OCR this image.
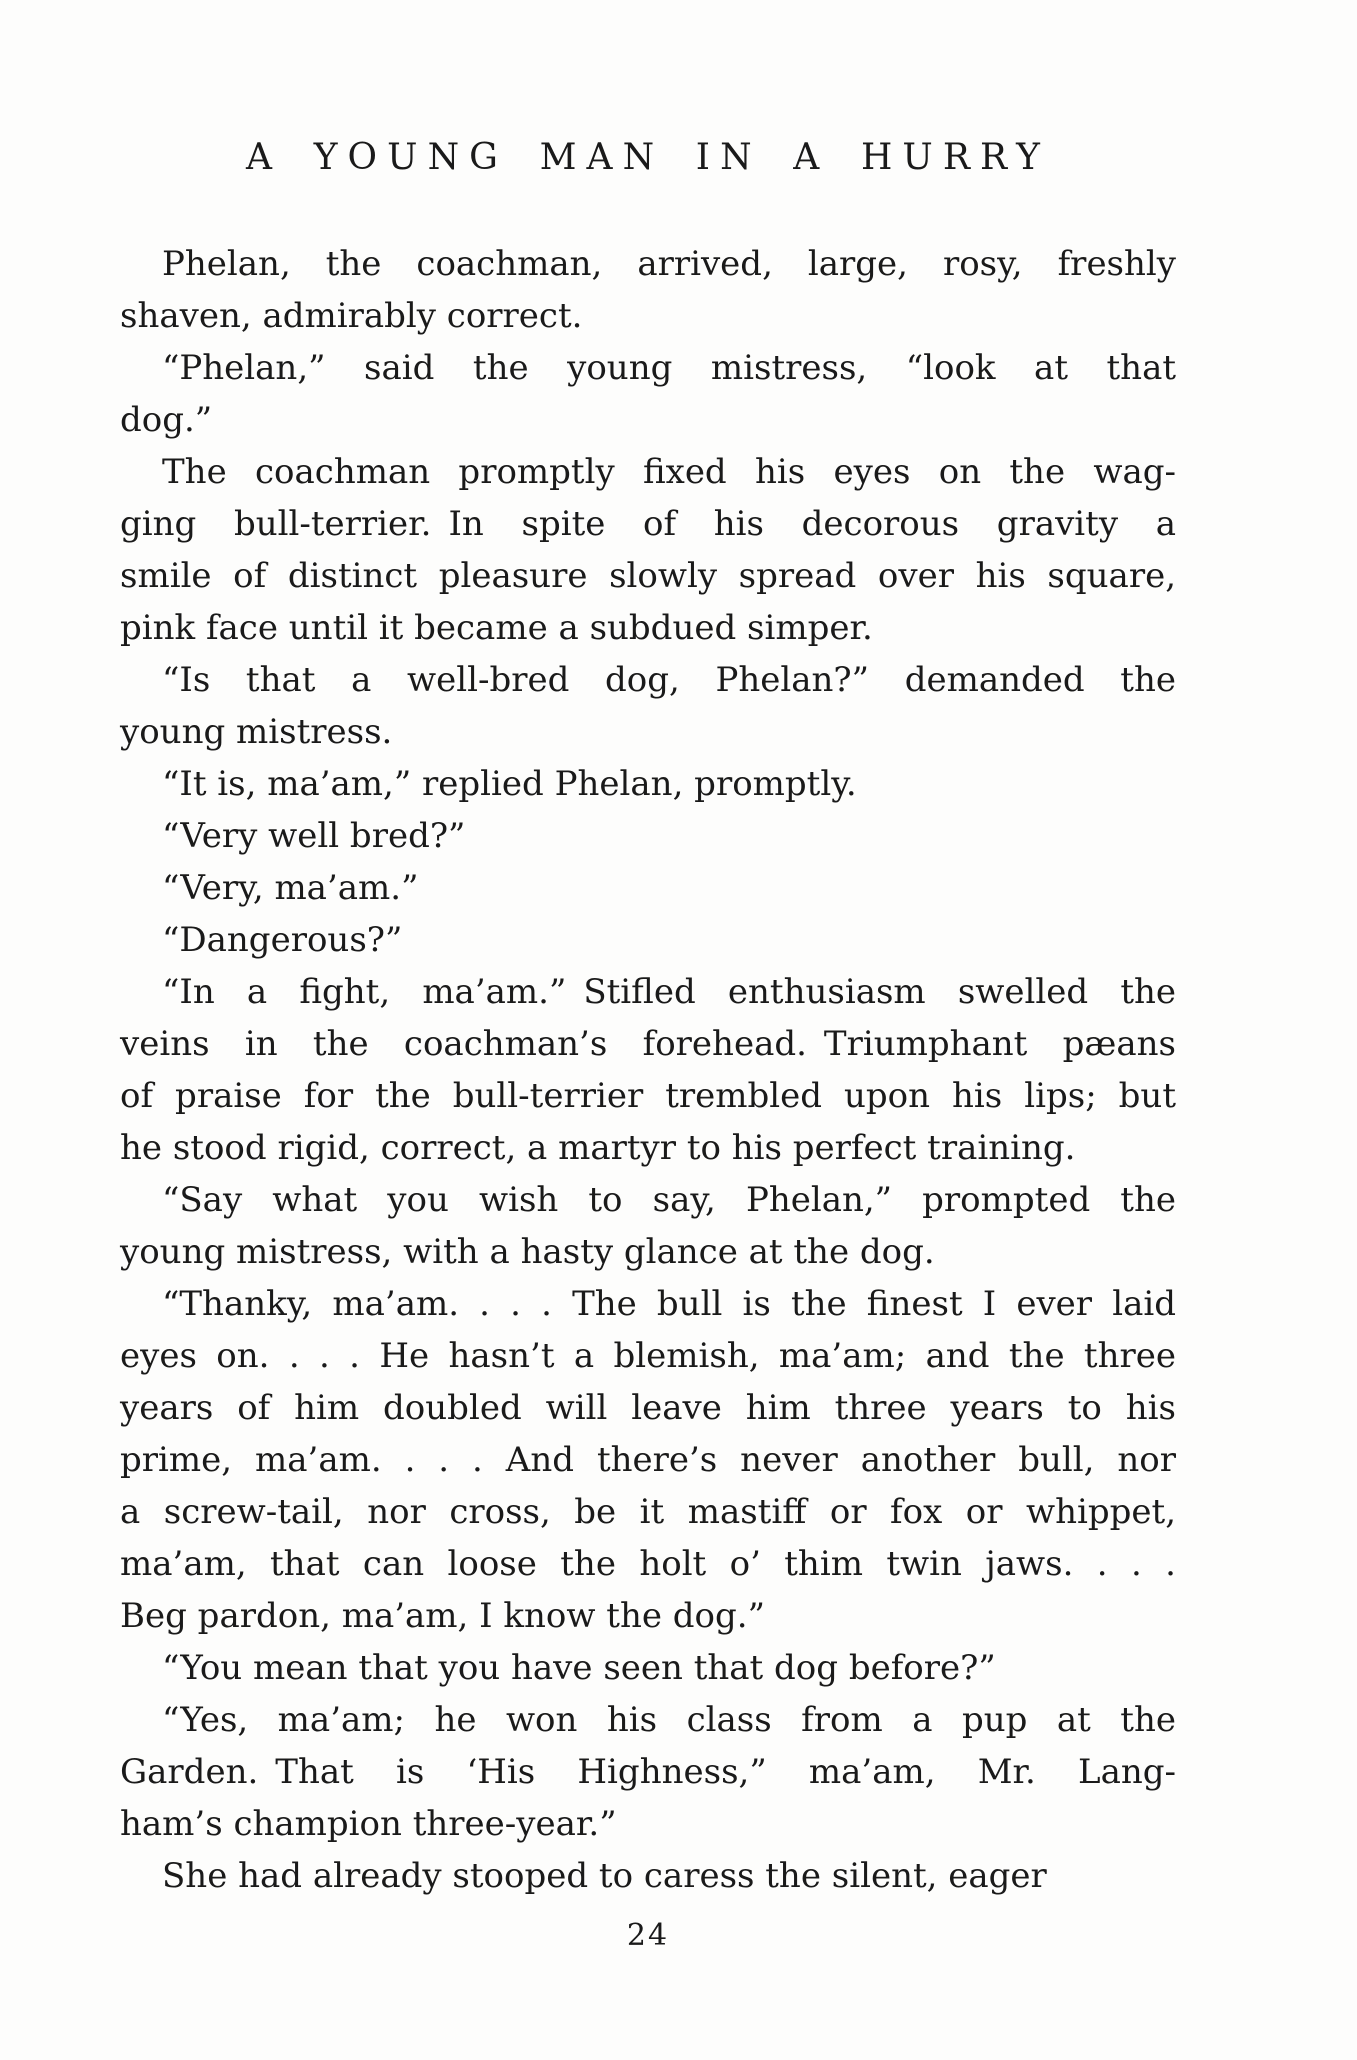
A YOUNG MAN IN A HURRY
Phelan, the coachman, arrived, large, rosy, freshly
shaven, admirably correct.
“Phelan,” said the young mistress, “look at that
dog.”
The coachman promptly fixed his eyes on the wag-
ging bull-terrier. In spite of his decorous gravity a
smile of distinct pleasure slowly spread over his square,
pink face until it became a subdued simper.
“Is that a well-bred dog, Phelan?” demanded the
young mistress.
“It is, ma’am,” replied Phelan, promptly.
“Very well bred?”
“Very, ma’am.”
“Dangerous?”
“In a fight, ma’am.” Stifled enthusiasm swelled the
veins in the coachman’s forehead. Triumphant pæans
of praise for the bull-terrier trembled upon his lips; but
he stood rigid, correct, a martyr to his perfect training.
“Say what you wish to say, Phelan,” prompted the
young mistress, with a hasty glance at the dog.
“Thanky, ma’am. . . . The bull is the finest I ever laid
eyes on. . . . He hasn’t a blemish, ma’am; and the three
years of him doubled will leave him three years to his
prime, ma’am. . . . And there’s never another bull, nor
a screw-tail, nor cross, be it mastiff or fox or whippet,
ma’am, that can loose the holt o’ thim twin jaws. . . .
Beg pardon, ma’am, I know the dog.”
“You mean that you have seen that dog before?”
“Yes, ma’am; he won his class from a pup at the
Garden. That is ‘His Highness,” ma’am, Mr. Lang-
ham’s champion three-year.”
She had already stooped to caress the silent, eager
24
